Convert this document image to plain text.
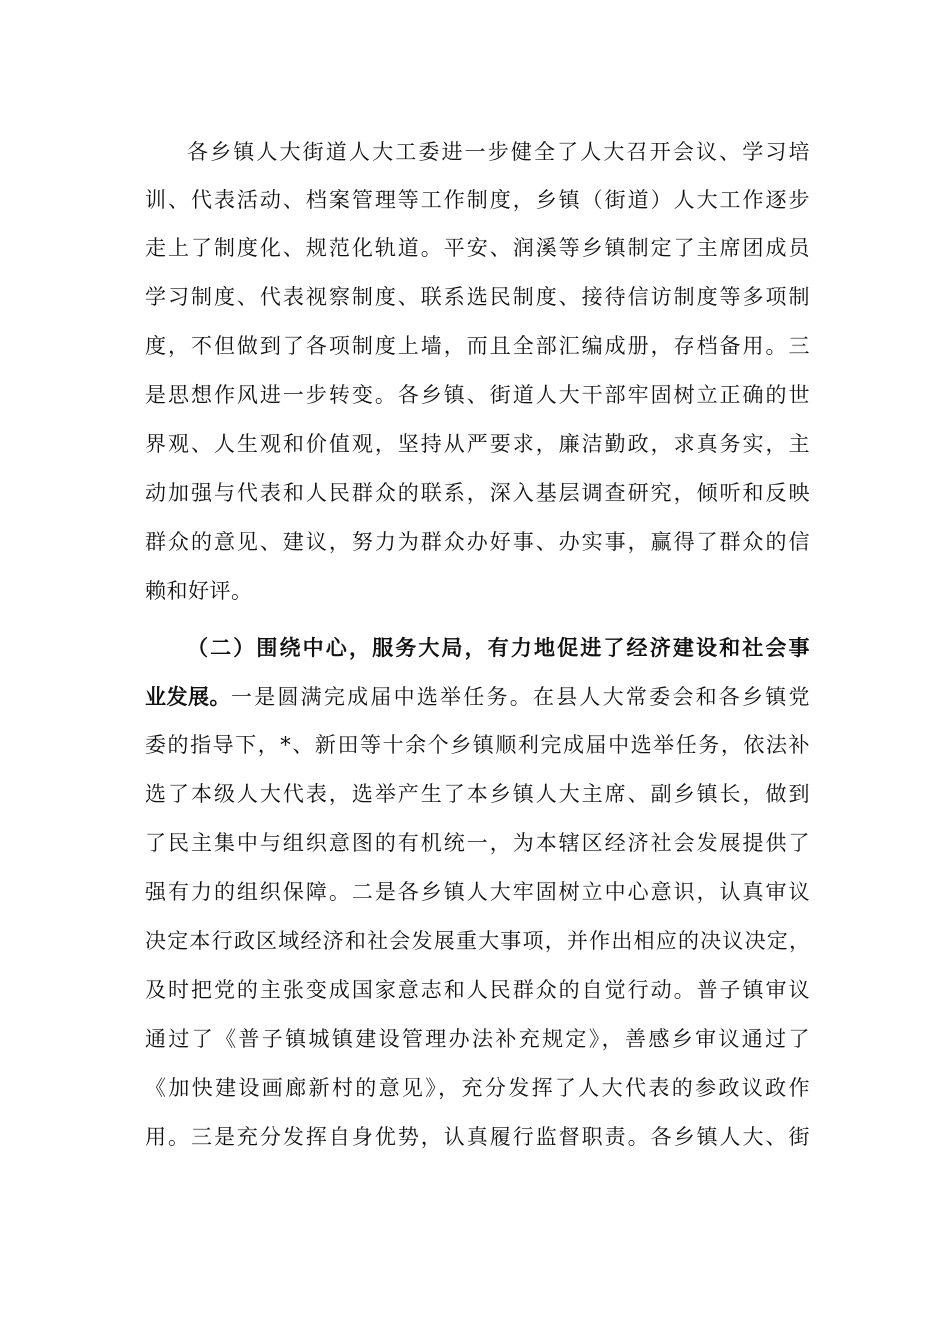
各乡镇人大街道人大工委进一步健全了人大召开会议、学习培
训、代表活动、档案管理等工作制度，乡镇（街道）人大工作逐步
走上了制度化、规范化轨道。平安、润溪等乡镇制定了主席团成员
学习制度、代表视察制度、联系选民制度、接待信访制度等多项制
度，不但做到了各项制度上墙，而且全部汇编成册，存档备用。三
是思想作风进一步转变。各乡镇、街道人大干部牢固树立正确的世
界观、人生观和价值观，坚持从严要求，廉洁勤政，求真务实，主
动加强与代表和人民群众的联系，深入基层调查研究，倾听和反映
群众的意见、建议，努力为群众办好事、办实事，赢得了群众的信
赖和好评。
（二）围绕中心，服务大局，有力地促进了经济建设和社会事
业发展。 一是圆满完成届中选举任务。在县人大常委会和各乡镇党
委的指导下，*、新田等十余个乡镇顺利完成届中选举任务，依法补
选了本级人大代表，选举产生了本乡镇人大主席、副乡镇长，做到
了民主集中与组织意图的有机统一，为本辖区经济社会发展提供了
强有力的组织保障。二是各乡镇人大牢固树立中心意识，认真审议
决定本行政区域经济和社会发展重大事项，并作出相应的决议决定，
及时把党的主张变成国家意志和人民群众的自觉行动。普子镇审议
通过了《普子镇城镇建设管理办法补充规定》，善感乡审议通过了
《加快建设画廊新村的意见》，充分发挥了人大代表的参政议政作
用。三是充分发挥自身优势，认真履行监督职责。各乡镇人大、街
